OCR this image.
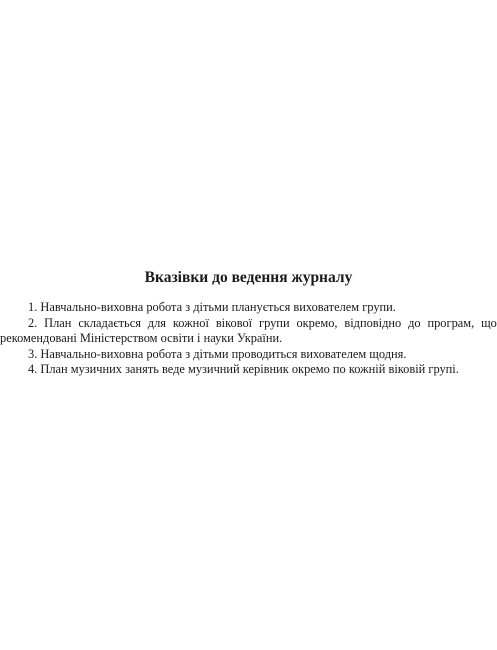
Вказівки до ведення журналу

1. Навчально-виховна робота з дітьми планується вихователем групи.

2. План складається для кожної вікової групи окремо, відповідно до програм, що
рекомендовані Міністерством освіти і науки України.

3. Навчально-виховна робота з дітьми проводиться вихователем щодня.

4. План музичних занять веде музичний керівник окремо по кожній віковій групі.
